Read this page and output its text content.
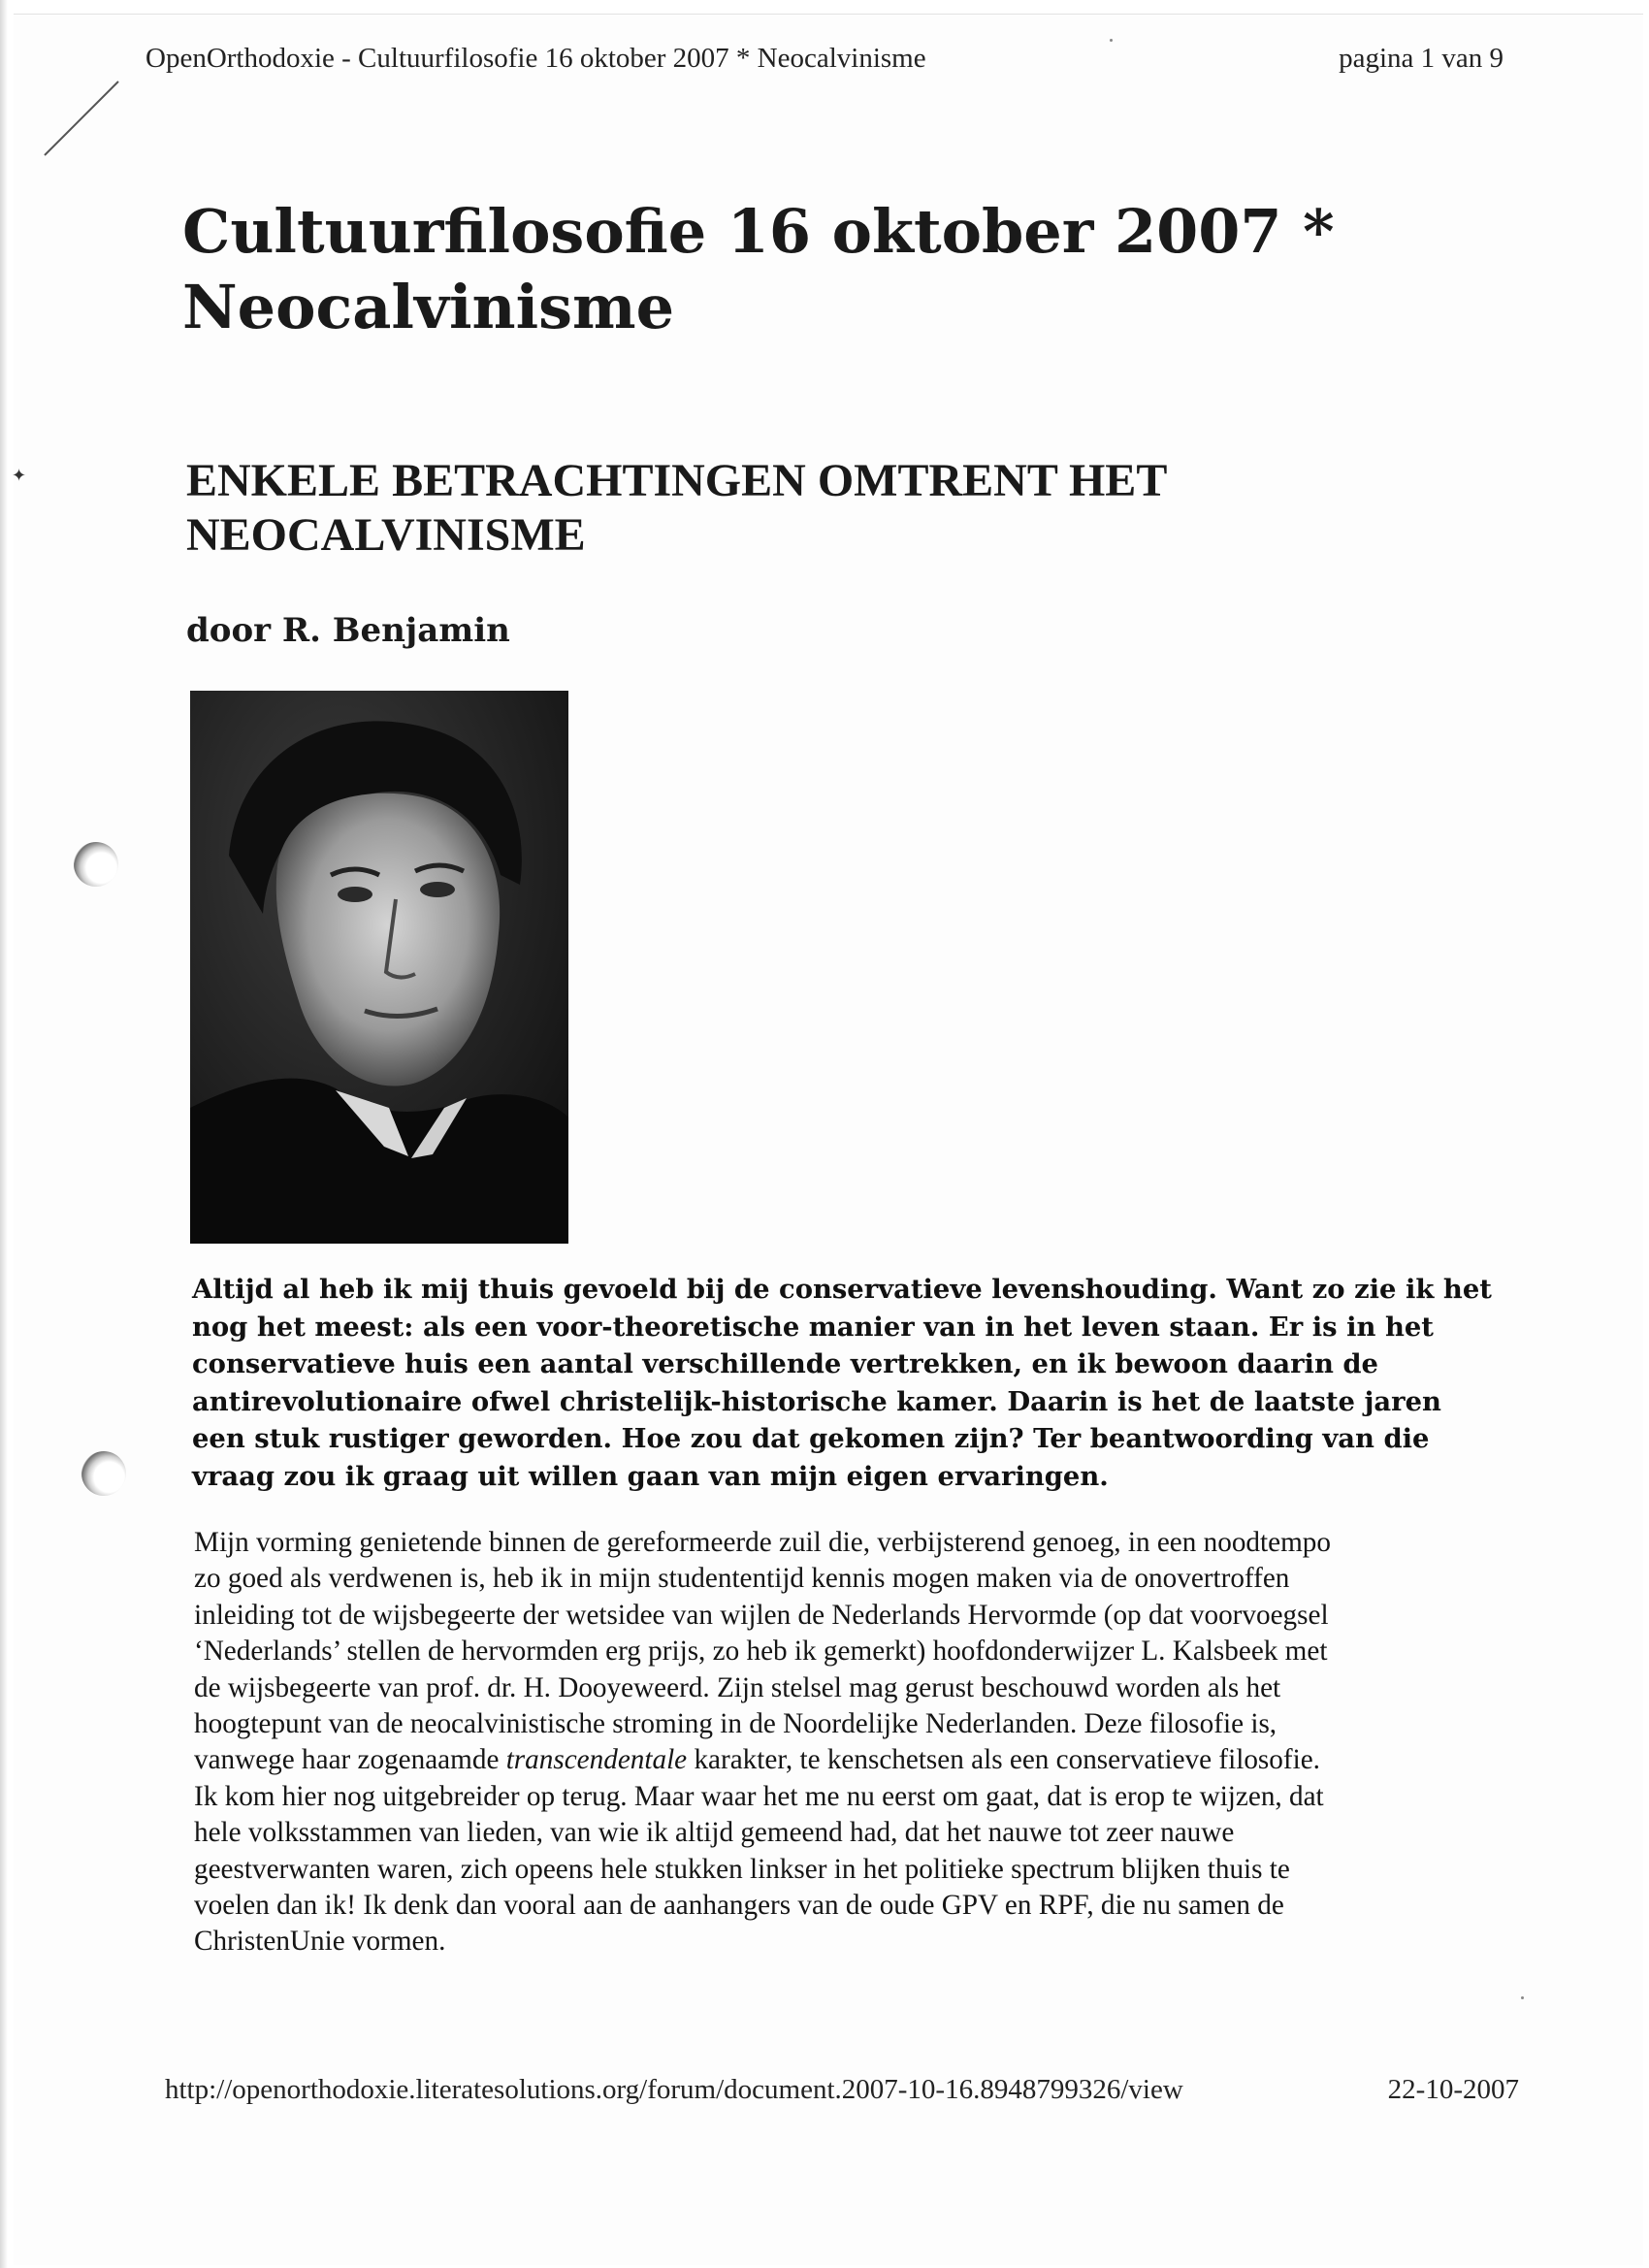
✦
OpenOrthodoxie - Cultuurfilosofie 16 oktober 2007 * Neocalvinisme	pagina 1 van 9
Cultuurfilosofie 16 oktober 2007 *
Neocalvinisme
ENKELE BETRACHTINGEN OMTRENT HET
NEOCALVINISME
door R. Benjamin
Altijd al heb ik mij thuis gevoeld bij de conservatieve levenshouding. Want zo zie ik het
nog het meest: als een voor-theoretische manier van in het leven staan. Er is in het
conservatieve huis een aantal verschillende vertrekken, en ik bewoon daarin de
antirevolutionaire ofwel christelijk-historische kamer. Daarin is het de laatste jaren
een stuk rustiger geworden. Hoe zou dat gekomen zijn? Ter beantwoording van die
vraag zou ik graag uit willen gaan van mijn eigen ervaringen.
Mijn vorming genietende binnen de gereformeerde zuil die, verbijsterend genoeg, in een noodtempo
zo goed als verdwenen is, heb ik in mijn studententijd kennis mogen maken via de onovertroffen
inleiding tot de wijsbegeerte der wetsidee van wijlen de Nederlands Hervormde (op dat voorvoegsel
‘Nederlands’ stellen de hervormden erg prijs, zo heb ik gemerkt) hoofdonderwijzer L. Kalsbeek met
de wijsbegeerte van prof. dr. H. Dooyeweerd. Zijn stelsel mag gerust beschouwd worden als het
hoogtepunt van de neocalvinistische stroming in de Noordelijke Nederlanden. Deze filosofie is,
vanwege haar zogenaamde transcendentale karakter, te kenschetsen als een conservatieve filosofie.
Ik kom hier nog uitgebreider op terug. Maar waar het me nu eerst om gaat, dat is erop te wijzen, dat
hele volksstammen van lieden, van wie ik altijd gemeend had, dat het nauwe tot zeer nauwe
geestverwanten waren, zich opeens hele stukken linkser in het politieke spectrum blijken thuis te
voelen dan ik! Ik denk dan vooral aan de aanhangers van de oude GPV en RPF, die nu samen de
ChristenUnie vormen.
http://openorthodoxie.literatesolutions.org/forum/document.2007-10-16.8948799326/view	22-10-2007
